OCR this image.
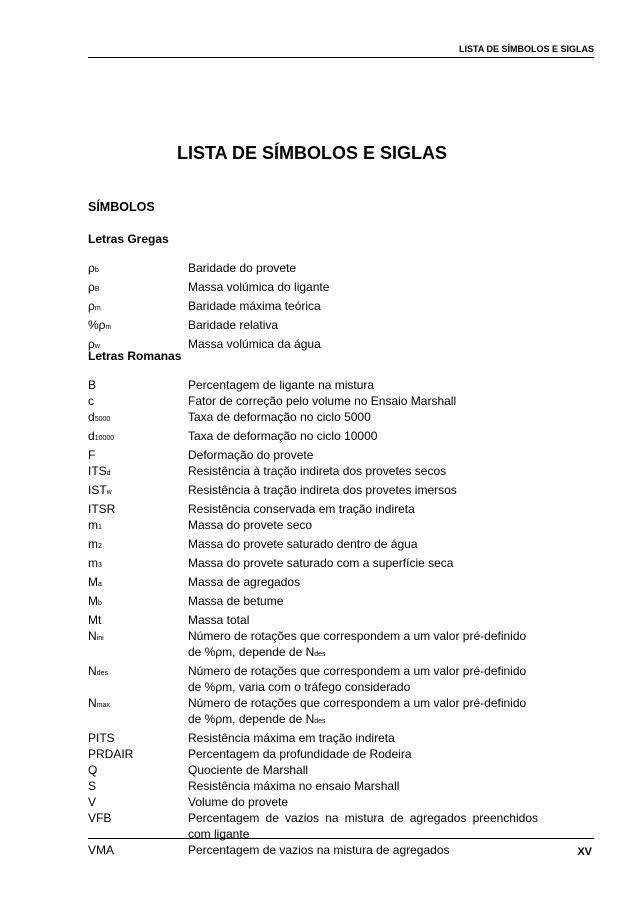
LISTA DE SÍMBOLOS E SIGLAS
LISTA DE SÍMBOLOS E SIGLAS
SÍMBOLOS
Letras Gregas
ρb	Baridade do provete
ρB	Massa volúmica do ligante
ρm	Baridade máxima teórica
%ρm	Baridade relativa
ρw	Massa volúmica da água
Letras Romanas
B	Percentagem de ligante na mistura
c	Fator de correção pelo volume no Ensaio Marshall
d5000	Taxa de deformação no ciclo 5000
d10000	Taxa de deformação no ciclo 10000
F	Deformação do provete
ITSd	Resistência à tração indireta dos provetes secos
ISTw	Resistência à tração indireta dos provetes imersos
ITSR	Resistência conservada em tração indireta
m1	Massa do provete seco
m2	Massa do provete saturado dentro de água
m3	Massa do provete saturado com a superfície seca
Ma	Massa de agregados
Mb	Massa de betume
Mt	Massa total
Nini	Número de rotações que correspondem a um valor pré-definido
de %ρm, depende de Ndes
Ndes	Número de rotações que correspondem a um valor pré-definido
de %ρm, varia com o tráfego considerado
Nmax	Número de rotações que correspondem a um valor pré-definido
de %ρm, depende de Ndes
PITS	Resistência máxima em tração indireta
PRDAIR	Percentagem da profundidade de Rodeira
Q	Quociente de Marshall
S	Resistência máxima no ensaio Marshall
V	Volume do provete
VFB	Percentagem de vazios na mistura de agregados preenchidos
com ligante
VMA	Percentagem de vazios na mistura de agregados	XV
